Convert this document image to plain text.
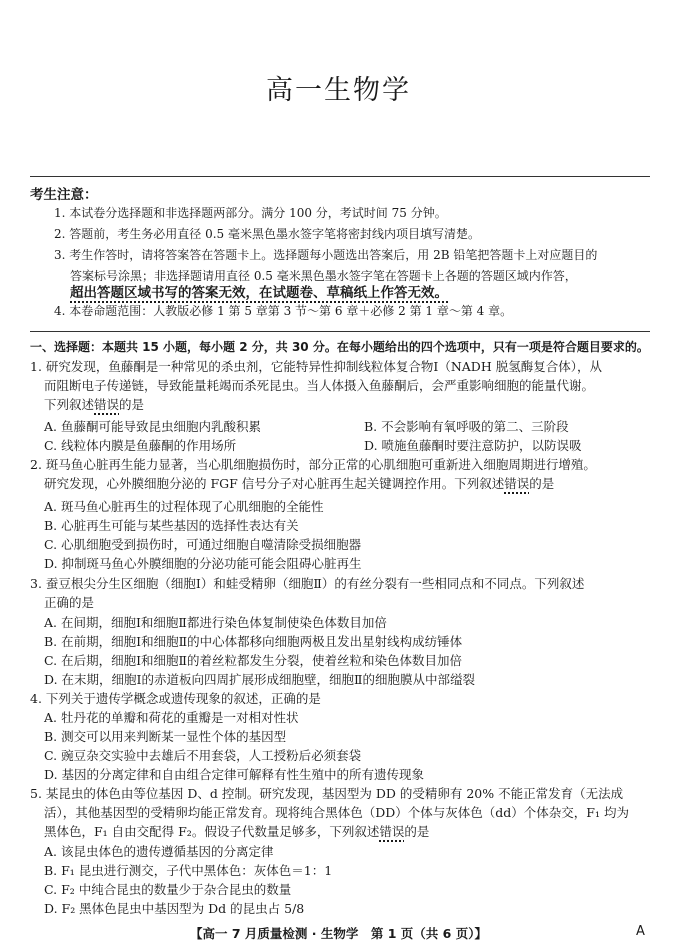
高一生物学
考生注意：
1. 本试卷分选择题和非选择题两部分。满分 100 分，考试时间 75 分钟。
2. 答题前，考生务必用直径 0.5 毫米黑色墨水签字笔将密封线内项目填写清楚。
3. 考生作答时，请将答案答在答题卡上。选择题每小题选出答案后，用 2B 铅笔把答题卡上对应题目的
答案标号涂黑；非选择题请用直径 0.5 毫米黑色墨水签字笔在答题卡上各题的答题区域内作答，
超出答题区域书写的答案无效，在试题卷、草稿纸上作答无效。
4. 本卷命题范围：人教版必修 1 第 5 章第 3 节～第 6 章＋必修 2 第 1 章～第 4 章。
一、选择题：本题共 15 小题，每小题 2 分，共 30 分。在每小题给出的四个选项中，只有一项是符合题目要求的。
1. 研究发现，鱼藤酮是一种常见的杀虫剂，它能特异性抑制线粒体复合物Ⅰ（NADH 脱氢酶复合体），从
而阻断电子传递链，导致能量耗竭而杀死昆虫。当人体摄入鱼藤酮后，会严重影响细胞的能量代谢。
下列叙述错误的是
A. 鱼藤酮可能导致昆虫细胞内乳酸积累	B. 不会影响有氧呼吸的第二、三阶段
C. 线粒体内膜是鱼藤酮的作用场所	D. 喷施鱼藤酮时要注意防护，以防误吸
2. 斑马鱼心脏再生能力显著，当心肌细胞损伤时，部分正常的心肌细胞可重新进入细胞周期进行增殖。
研究发现，心外膜细胞分泌的 FGF 信号分子对心脏再生起关键调控作用。下列叙述错误的是
A. 斑马鱼心脏再生的过程体现了心肌细胞的全能性
B. 心脏再生可能与某些基因的选择性表达有关
C. 心肌细胞受到损伤时，可通过细胞自噬清除受损细胞器
D. 抑制斑马鱼心外膜细胞的分泌功能可能会阻碍心脏再生
3. 蚕豆根尖分生区细胞（细胞Ⅰ）和蛙受精卵（细胞Ⅱ）的有丝分裂有一些相同点和不同点。下列叙述
正确的是
A. 在间期，细胞Ⅰ和细胞Ⅱ都进行染色体复制使染色体数目加倍
B. 在前期，细胞Ⅰ和细胞Ⅱ的中心体都移向细胞两极且发出星射线构成纺锤体
C. 在后期，细胞Ⅰ和细胞Ⅱ的着丝粒都发生分裂，使着丝粒和染色体数目加倍
D. 在末期，细胞Ⅰ的赤道板向四周扩展形成细胞壁，细胞Ⅱ的细胞膜从中部缢裂
4. 下列关于遗传学概念或遗传现象的叙述，正确的是
A. 牡丹花的单瓣和荷花的重瓣是一对相对性状
B. 测交可以用来判断某一显性个体的基因型
C. 豌豆杂交实验中去雄后不用套袋，人工授粉后必须套袋
D. 基因的分离定律和自由组合定律可解释有性生殖中的所有遗传现象
5. 某昆虫的体色由等位基因 D、d 控制。研究发现，基因型为 DD 的受精卵有 20% 不能正常发育（无法成
活），其他基因型的受精卵均能正常发育。现将纯合黑体色（DD）个体与灰体色（dd）个体杂交，F₁ 均为
黑体色，F₁ 自由交配得 F₂。假设子代数量足够多，下列叙述错误的是
A. 该昆虫体色的遗传遵循基因的分离定律
B. F₁ 昆虫进行测交，子代中黑体色：灰体色＝1：1
C. F₂ 中纯合昆虫的数量少于杂合昆虫的数量
D. F₂ 黑体色昆虫中基因型为 Dd 的昆虫占 5/8
【高一 7 月质量检测 · 生物学　第 1 页（共 6 页）】	A
